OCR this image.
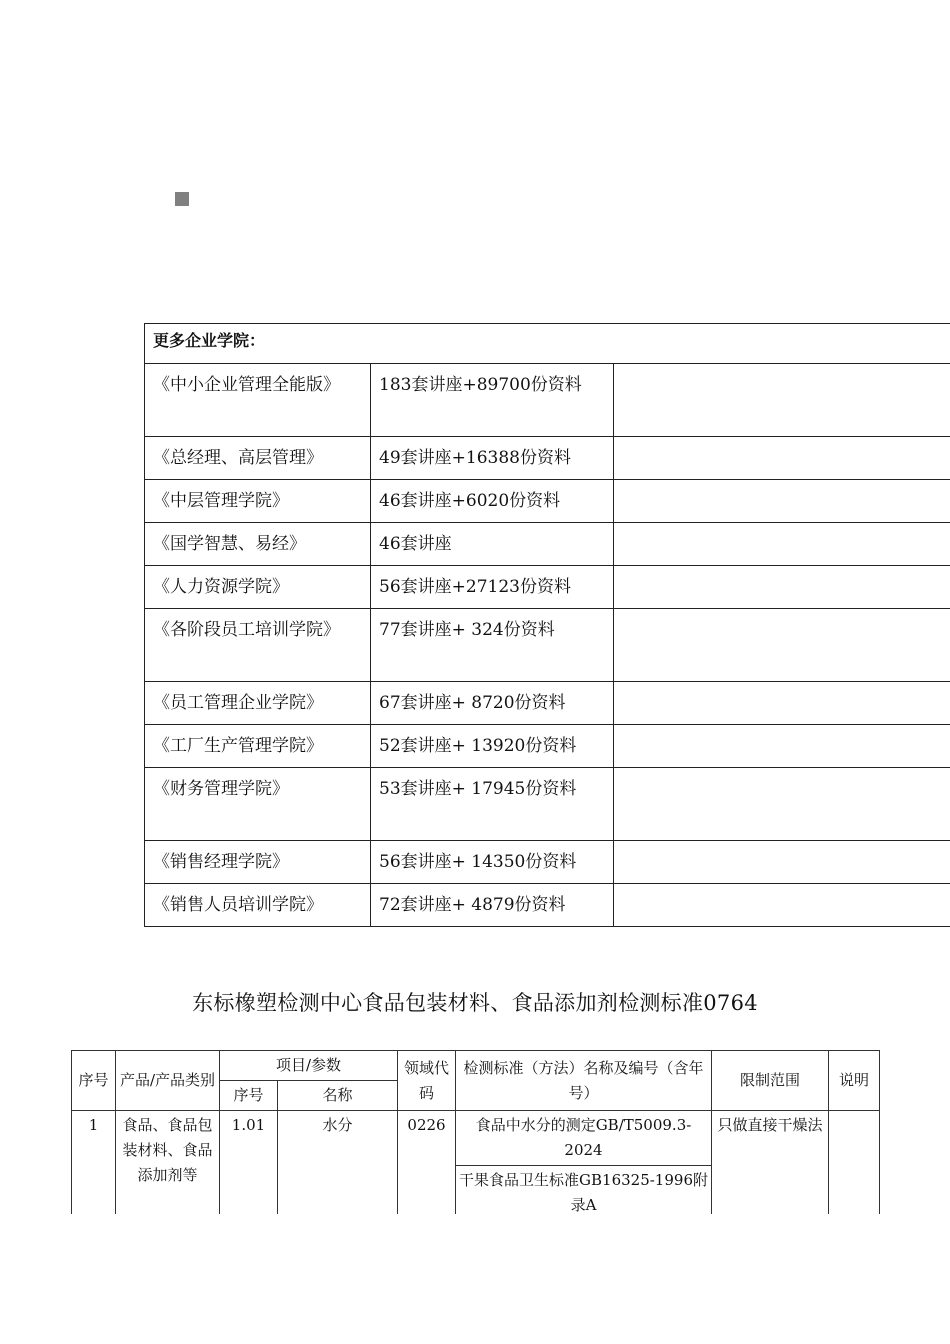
更多企业学院：		
《中小企业管理全能版》	183套讲座+89700份资料	
《总经理、高层管理》	49套讲座+16388份资料	
《中层管理学院》	46套讲座+6020份资料	
《国学智慧、易经》	46套讲座	
《人力资源学院》	56套讲座+27123份资料	
《各阶段员工培训学院》	77套讲座+ 324份资料	
《员工管理企业学院》	67套讲座+ 8720份资料	
《工厂生产管理学院》	52套讲座+ 13920份资料	
《财务管理学院》	53套讲座+ 17945份资料	
《销售经理学院》	56套讲座+ 14350份资料	
《销售人员培训学院》	72套讲座+ 4879份资料	
东标橡塑检测中心食品包装材料、食品添加剂检测标准0764
序号	产品/产品类别	项目/参数		领域代码	检测标准（方法）名称及编号（含年号）	限制范围	说明
		序号	名称				
1	食品、食品包装材料、食品添加剂等	1.01	水分	0226	食品中水分的测定GB/T5009.3-2024	只做直接干燥法	
					干果食品卫生标准GB16325-1996附录A		
